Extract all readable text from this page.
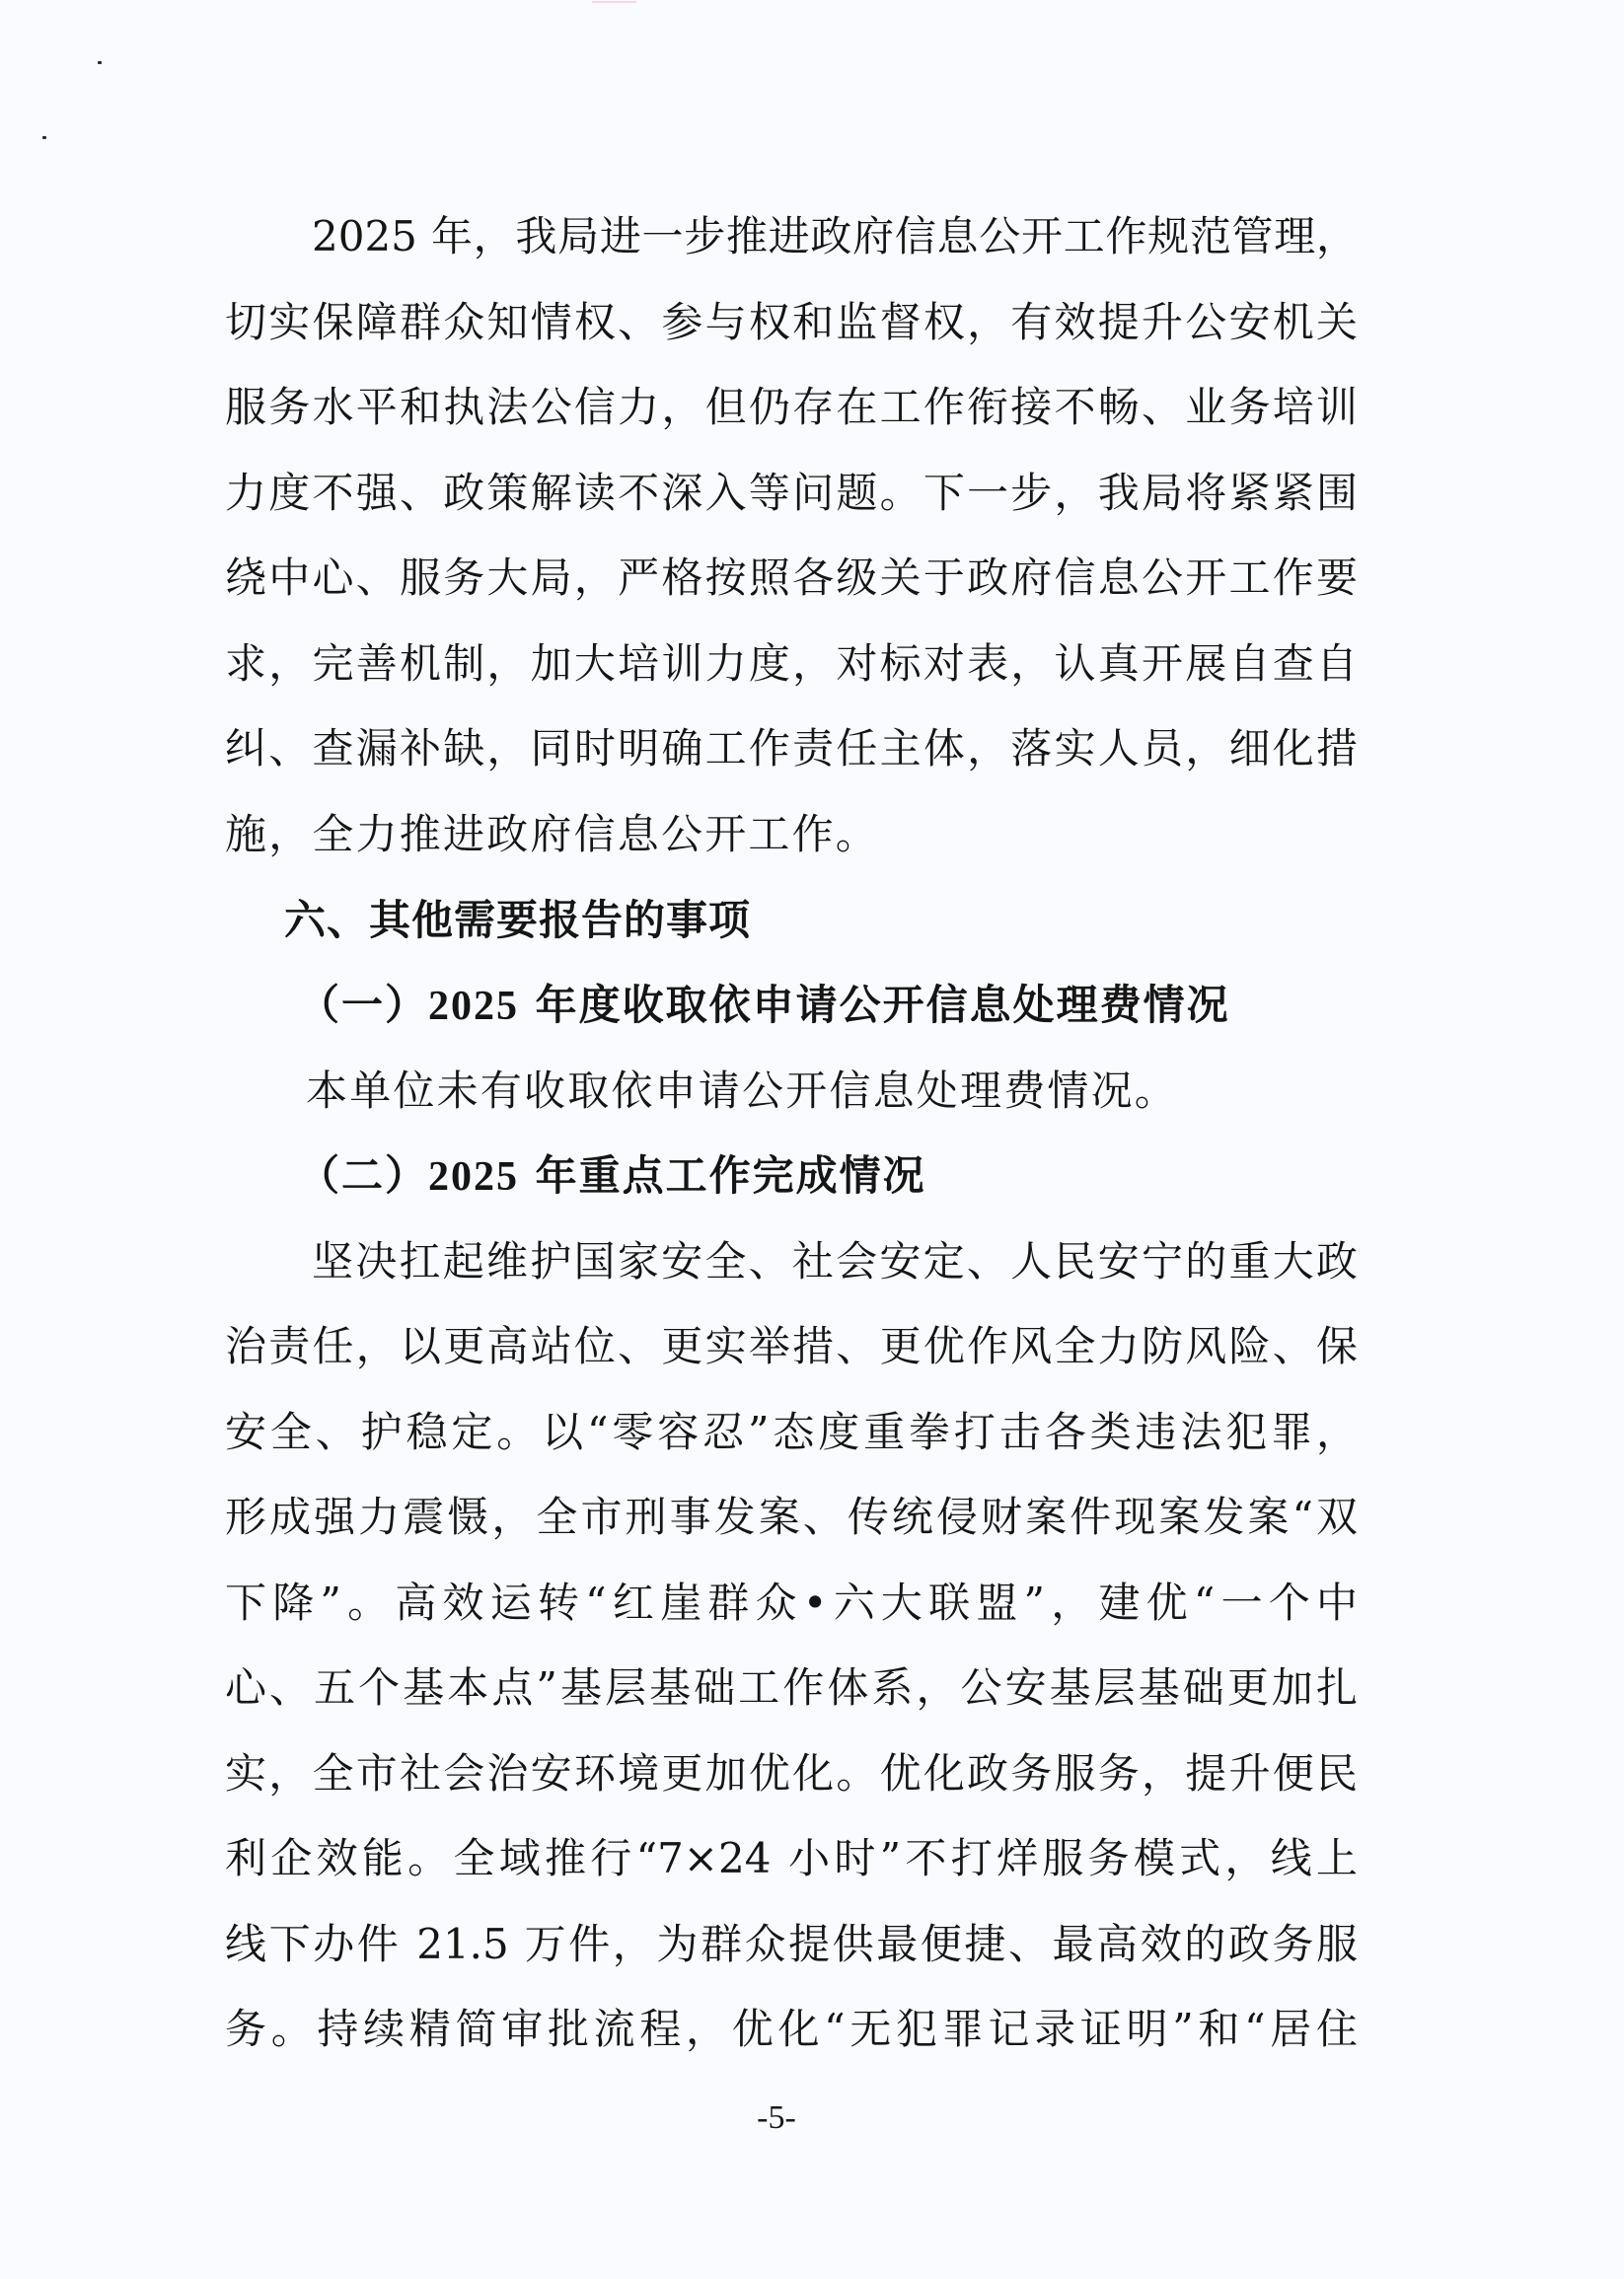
2025 年，我局进一步推进政府信息公开工作规范管理，
切实保障群众知情权、参与权和监督权，有效提升公安机关
服务水平和执法公信力，但仍存在工作衔接不畅、业务培训
力度不强、政策解读不深入等问题。下一步，我局将紧紧围
绕中心、服务大局，严格按照各级关于政府信息公开工作要
求，完善机制，加大培训力度，对标对表，认真开展自查自
纠、查漏补缺，同时明确工作责任主体，落实人员，细化措
施，全力推进政府信息公开工作。
六、其他需要报告的事项
（一）2025 年度收取依申请公开信息处理费情况
本单位未有收取依申请公开信息处理费情况。
（二）2025 年重点工作完成情况
坚决扛起维护国家安全、社会安定、人民安宁的重大政
治责任，以更高站位、更实举措、更优作风全力防风险、保
安全、护稳定。以“零容忍”态度重拳打击各类违法犯罪，
形成强力震慑，全市刑事发案、传统侵财案件现案发案“双
下降”。高效运转“红崖群众•六大联盟”，建优“一个中
心、五个基本点”基层基础工作体系，公安基层基础更加扎
实，全市社会治安环境更加优化。优化政务服务，提升便民
利企效能。全域推行“7×24 小时”不打烊服务模式，线上
线下办件 21.5 万件，为群众提供最便捷、最高效的政务服
务。持续精简审批流程，优化“无犯罪记录证明”和“居住
-5-
